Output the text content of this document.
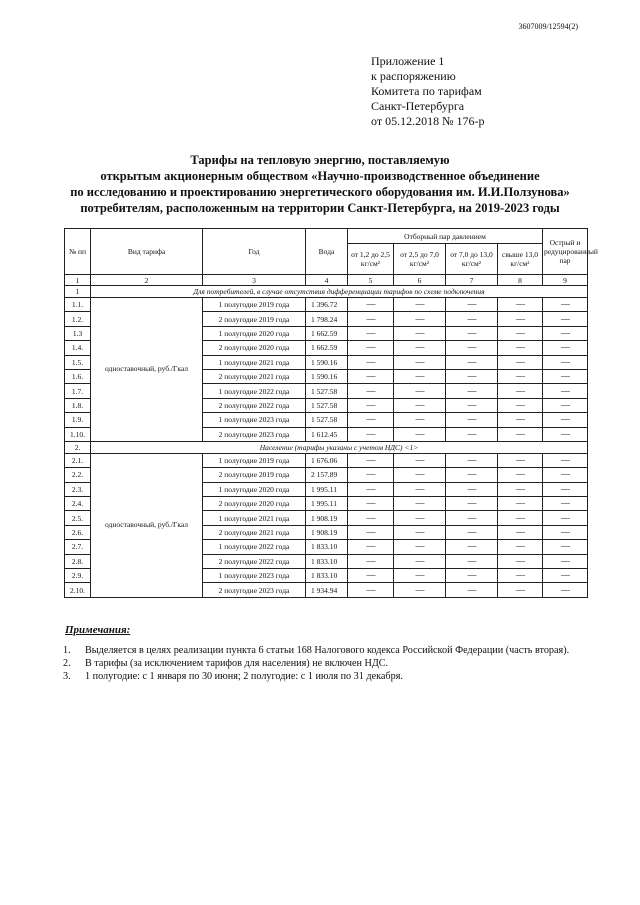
3607009/12594(2)
Приложение 1
к распоряжению
Комитета по тарифам
Санкт-Петербурга
от 05.12.2018 № 176-р
Тарифы на тепловую энергию, поставляемую
открытым акционерным обществом «Научно-производственное объединение
по исследованию и проектированию энергетического оборудования им. И.И.Ползунова»
потребителям, расположенным на территории Санкт-Петербурга, на 2019-2023 годы
№ пп	Вид тарифа	Год	Вода	Отборный пар давлением				Острый и редуцированный пар
				от 1,2 до 2,5 кг/см²	от 2,5 до 7,0 кг/см²	от 7,0 до 13,0 кг/см²	свыше 13,0 кг/см²	
1	2	3	4	5	6	7	8	9
1	Для потребителей, в случае отсутствия дифференциации тарифов по схеме подключения							
1.1.	одноставочный, руб./Гкал	1 полугодие 2019 года	1 396.72	—	—	—	—	—
1.2.		2 полугодие 2019 года	1 798.24	—	—	—	—	—
1.3		1 полугодие 2020 года	1 662.59	—	—	—	—	—
1.4.		2 полугодие 2020 года	1 662.59	—	—	—	—	—
1.5.		1 полугодие 2021 года	1 590.16	—	—	—	—	—
1.6.		2 полугодие 2021 года	1 590.16	—	—	—	—	—
1.7.		1 полугодие 2022 года	1 527.58	—	—	—	—	—
1.8.		2 полугодие 2022 года	1 527.58	—	—	—	—	—
1.9.		1 полугодие 2023 года	1 527.58	—	—	—	—	—
1.10.		2 полугодие 2023 года	1 612.45	—	—	—	—	—
2.	Население (тарифы указаны с учетом НДС) <1>							
2.1.	одноставочный, руб./Гкал	1 полугодие 2019 года	1 676.06	—	—	—	—	—
2.2.		2 полугодие 2019 года	2 157.89	—	—	—	—	—
2.3.		1 полугодие 2020 года	1 995.11	—	—	—	—	—
2.4.		2 полугодие 2020 года	1 995.11	—	—	—	—	—
2.5.		1 полугодие 2021 года	1 908.19	—	—	—	—	—
2.6.		2 полугодие 2021 года	1 908.19	—	—	—	—	—
2.7.		1 полугодие 2022 года	1 833.10	—	—	—	—	—
2.8.		2 полугодие 2022 года	1 833.10	—	—	—	—	—
2.9.		1 полугодие 2023 года	1 833.10	—	—	—	—	—
2.10.		2 полугодие 2023 года	1 934.94	—	—	—	—	—
Примечания:
1. Выделяется в целях реализации пункта 6 статьи 168 Налогового кодекса Российской Федерации (часть вторая).
2. В тарифы (за исключением тарифов для населения) не включен НДС.
3. 1 полугодие: с 1 января по 30 июня; 2 полугодие: с 1 июля по 31 декабря.
